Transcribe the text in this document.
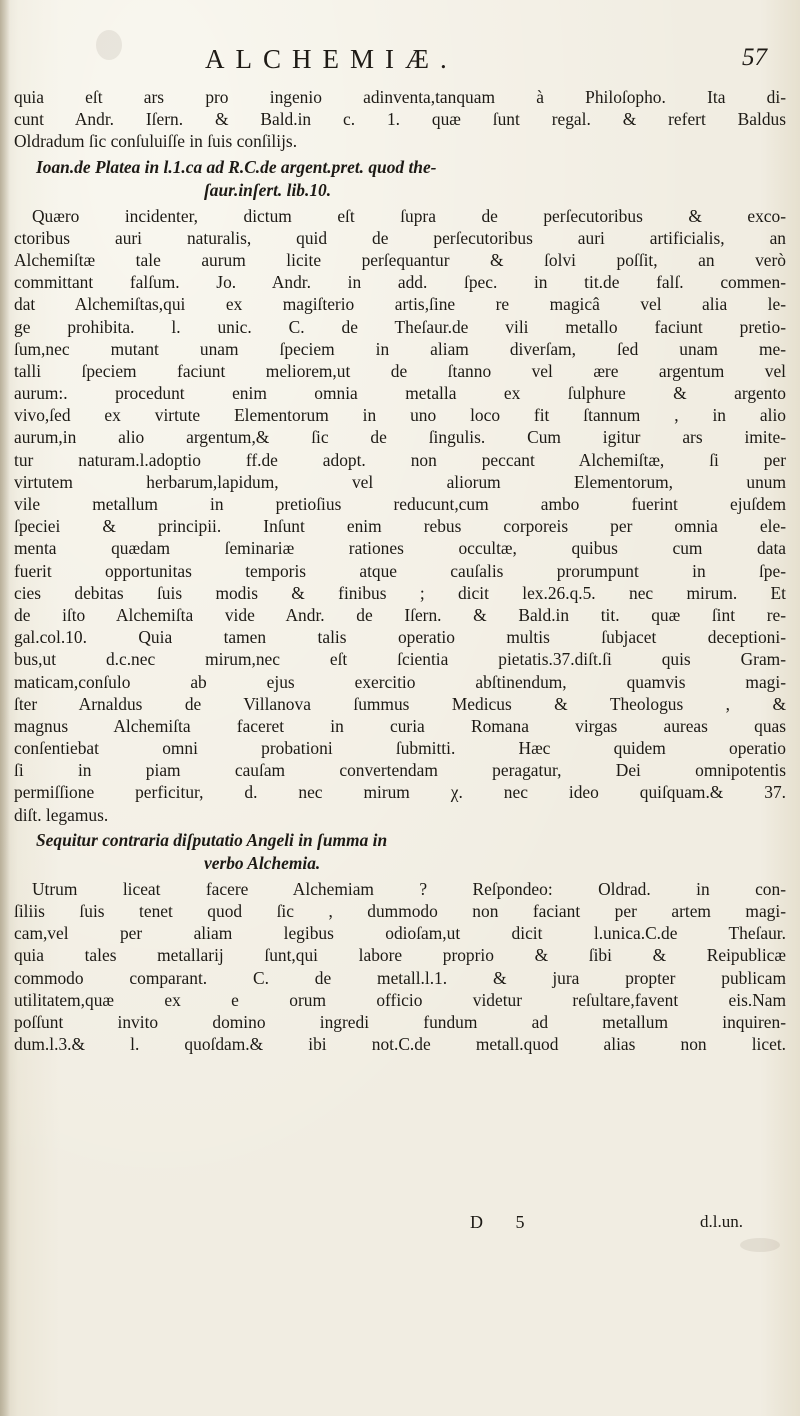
ALCHEMIÆ.	57
quia eſt ars pro ingenio adinventa,tanquam à Philoſopho. Ita di-
cunt Andr. Iſern. & Bald.in c. 1. quæ ſunt regal. & refert Baldus
Oldradum ſic conſuluiſſe in ſuis conſilijs.
Ioan.de Platea in l.1.ca ad R.C.de argent.pret. quod the-
ſaur.inſert. lib.10.
Quæro incidenter, dictum eſt ſupra de perſecutoribus & exco-
ctoribus auri naturalis, quid de perſecutoribus auri artificialis, an
Alchemiſtæ tale aurum licite perſequantur & ſolvi poſſit, an verò
committant falſum. Jo. Andr. in add. ſpec. in tit.de falſ. commen-
dat Alchemiſtas,qui ex magiſterio artis,ſine re magicâ vel alia le-
ge prohibita. l. unic. C. de Theſaur.de vili metallo faciunt pretio-
ſum,nec mutant unam ſpeciem in aliam diverſam, ſed unam me-
talli ſpeciem faciunt meliorem,ut de ſtanno vel ære argentum vel
aurum:. procedunt enim omnia metalla ex ſulphure & argento
vivo,ſed ex virtute Elementorum in uno loco fit ſtannum , in alio
aurum,in alio argentum,& ſic de ſingulis. Cum igitur ars imite-
tur naturam.l.adoptio ff.de adopt. non peccant Alchemiſtæ, ſi per
virtutem herbarum,lapidum, vel aliorum Elementorum, unum
vile metallum in pretioſius reducunt,cum ambo fuerint ejuſdem
ſpeciei & principii. Inſunt enim rebus corporeis per omnia ele-
menta quædam ſeminariæ rationes occultæ, quibus cum data
fuerit opportunitas temporis atque cauſalis prorumpunt in ſpe-
cies debitas ſuis modis & finibus ; dicit lex.26.q.5. nec mirum. Et
de iſto Alchemiſta vide Andr. de Iſern. & Bald.in tit. quæ ſint re-
gal.col.10. Quia tamen talis operatio multis ſubjacet deceptioni-
bus,ut d.c.nec mirum,nec eſt ſcientia pietatis.37.diſt.ſi quis Gram-
maticam,conſulo ab ejus exercitio abſtinendum, quamvis magi-
ſter Arnaldus de Villanova ſummus Medicus & Theologus , &
magnus Alchemiſta faceret in curia Romana virgas aureas quas
conſentiebat omni probationi ſubmitti. Hæc quidem operatio
ſi in piam cauſam convertendam peragatur, Dei omnipotentis
permiſſione perficitur, d. nec mirum χ. nec ideo quiſquam.& 37.
diſt. legamus.
Sequitur contraria diſputatio Angeli in ſumma in
verbo Alchemia.
Utrum liceat facere Alchemiam ? Reſpondeo: Oldrad. in con-
ſiliis ſuis tenet quod ſic , dummodo non faciant per artem magi-
cam,vel per aliam legibus odioſam,ut dicit l.unica.C.de Theſaur.
quia tales metallarij ſunt,qui labore proprio & ſibi & Reipublicæ
commodo comparant. C. de metall.l.1. & jura propter publicam
utilitatem,quæ ex e orum officio videtur reſultare,favent eis.Nam
poſſunt invito domino ingredi fundum ad metallum inquiren-
dum.l.3.& l. quoſdam.& ibi not.C.de metall.quod alias non licet.
D 5	d.l.un.
